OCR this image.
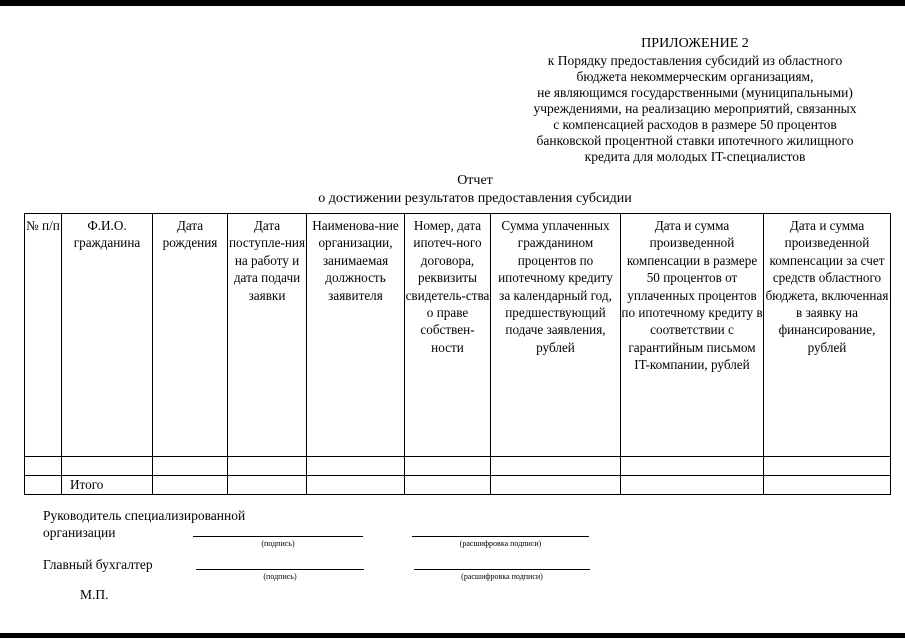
ПРИЛОЖЕНИЕ 2
к Порядку предоставления субсидий из областного
бюджета некоммерческим организациям,
не являющимся государственными (муниципальными)
учреждениями, на реализацию мероприятий, связанных
с компенсацией расходов в размере 50 процентов
банковской процентной ставки ипотечного жилищного
кредита для молодых IT-специалистов
Отчет
о достижении результатов предоставления субсидии
№ п/п	Ф.И.О. гражданина	Дата рождения	Дата поступле-ния на работу и дата подачи заявки	Наименова-ние организации, занимаемая должность заявителя	Номер, дата ипотеч-ного договора, реквизиты свидетель-ства о праве собствен-ности	Сумма уплаченных гражданином процентов по ипотечному кредиту за календарный год, предшествующий подаче заявления, рублей	Дата и сумма произведенной компенсации в размере 50 процентов от уплаченных процентов по ипотечному кредиту в соответствии с гарантийным письмом IT-компании, рублей	Дата и сумма произведенной компенсации за счет средств областного бюджета, включенная в заявку на финансирование, рублей

	Итого							
Руководитель специализированной
организации
(подпись)	(расшифровка подписи)
Главный бухгалтер
(подпись)	(расшифровка подписи)
М.П.
